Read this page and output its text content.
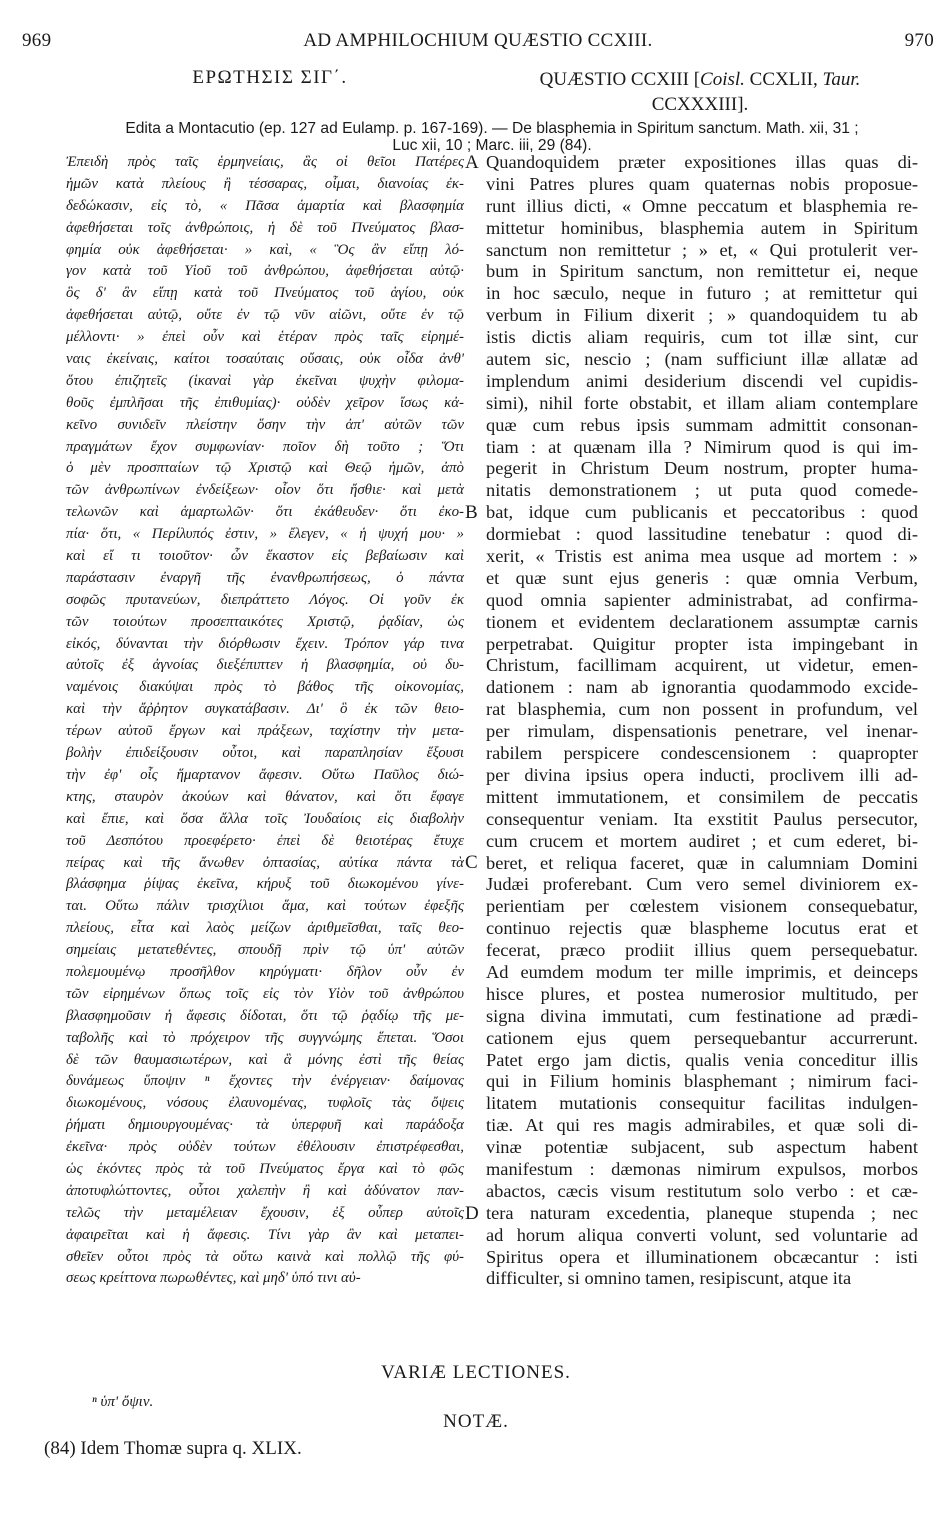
969	AD AMPHILOCHIUM QUÆSTIO CCXIII.	970
ΕΡΩΤΗΣΙΣ ΣΙΓ΄.	QUÆSTIO CCXIII [Coisl. CCXLII, Taur.
CCXXXIII].
Edita a Montacutio (ep. 127 ad Eulamp. p. 167-169). — De blasphemia in Spiritum sanctum. Math. xii, 31 ;
Luc xii, 10 ; Marc. iii, 29 (84).
Ἐπειδὴ πρὸς ταῖς ἑρμηνείαις, ἃς οἱ θεῖοι Πατέρες
ἡμῶν κατὰ πλείους ἢ τέσσαρας, οἶμαι, διανοίας ἐκ-
δεδώκασιν, εἰς τὸ, « Πᾶσα ἁμαρτία καὶ βλασφημία
ἀφεθήσεται τοῖς ἀνθρώποις, ἡ δὲ τοῦ Πνεύματος βλασ-
φημία οὐκ ἀφεθήσεται· » καὶ, « Ὃς ἂν εἴπῃ λό-
γον κατὰ τοῦ Υἱοῦ τοῦ ἀνθρώπου, ἀφεθήσεται αὐτῷ·
ὃς δ' ἂν εἴπῃ κατὰ τοῦ Πνεύματος τοῦ ἁγίου, οὐκ
ἀφεθήσεται αὐτῷ, οὔτε ἐν τῷ νῦν αἰῶνι, οὔτε ἐν τῷ
μέλλοντι· » ἐπεὶ οὖν καὶ ἑτέραν πρὸς ταῖς εἰρημέ-
ναις ἐκείναις, καίτοι τοσαύταις οὔσαις, οὐκ οἶδα ἀνθ'
ὅτου ἐπιζητεῖς (ἱκαναὶ γὰρ ἐκεῖναι ψυχὴν φιλομα-
θοῦς ἐμπλῆσαι τῆς ἐπιθυμίας)· οὐδὲν χεῖρον ἴσως κἀ-
κεῖνο συνιδεῖν πλείστην ὅσην τὴν ἀπ' αὐτῶν τῶν
πραγμάτων ἔχον συμφωνίαν· ποῖον δὴ τοῦτο ; Ὅτι
ὁ μὲν προσπταίων τῷ Χριστῷ καὶ Θεῷ ἡμῶν, ἀπὸ
τῶν ἀνθρωπίνων ἐνδείξεων· οἷον ὅτι ἤσθιε· καὶ μετὰ
τελωνῶν καὶ ἁμαρτωλῶν· ὅτι ἐκάθευδεν· ὅτι ἐκο-
πία· ὅτι, « Περίλυπός ἐστιν, » ἔλεγεν, « ἡ ψυχή μου· »
καὶ εἴ τι τοιοῦτον· ὧν ἕκαστον εἰς βεβαίωσιν καὶ
παράστασιν ἐναργῆ τῆς ἐνανθρωπήσεως, ὁ πάντα
σοφῶς πρυτανεύων, διεπράττετο Λόγος. Οἱ γοῦν ἐκ
τῶν τοιούτων προσεπταικότες Χριστῷ, ῥᾳδίαν, ὡς
εἰκός, δύνανται τὴν διόρθωσιν ἔχειν. Τρόπον γάρ τινα
αὐτοῖς ἐξ ἀγνοίας διεξέπιπτεν ἡ βλασφημία, οὐ δυ-
ναμένοις διακύψαι πρὸς τὸ βάθος τῆς οἰκονομίας,
καὶ τὴν ἄῤῥητον συγκατάβασιν. Δι' ὃ ἐκ τῶν θειο-
τέρων αὐτοῦ ἔργων καὶ πράξεων, ταχίστην τὴν μετα-
βολὴν ἐπιδείξουσιν οὗτοι, καὶ παραπλησίαν ἕξουσι
τὴν ἐφ' οἷς ἥμαρτανον ἄφεσιν. Οὕτω Παῦλος διώ-
κτης, σταυρὸν ἀκούων καὶ θάνατον, καὶ ὅτι ἔφαγε
καὶ ἔπιε, καὶ ὅσα ἄλλα τοῖς Ἰουδαίοις εἰς διαβολὴν
τοῦ Δεσπότου προεφέρετο· ἐπεὶ δὲ θειοτέρας ἔτυχε
πείρας καὶ τῆς ἄνωθεν ὀπτασίας, αὐτίκα πάντα τὰ
βλάσφημα ῥίψας ἐκεῖνα, κήρυξ τοῦ διωκομένου γίνε-
ται. Οὕτω πάλιν τρισχίλιοι ἅμα, καὶ τούτων ἐφεξῆς
πλείους, εἶτα καὶ λαὸς μείζων ἀριθμεῖσθαι, ταῖς θεο-
σημείαις μετατεθέντες, σπουδῇ πρὶν τῷ ὑπ' αὐτῶν
πολεμουμένῳ προσῆλθον κηρύγματι· δῆλον οὖν ἐν
τῶν εἰρημένων ὅπως τοῖς εἰς τὸν Υἱὸν τοῦ ἀνθρώπου
βλασφημοῦσιν ἡ ἄφεσις δίδοται, ὅτι τῷ ῥᾳδίῳ τῆς με-
ταβολῆς καὶ τὸ πρόχειρον τῆς συγγνώμης ἕπεται. Ὅσοι
δὲ τῶν θαυμασιωτέρων, καὶ ἃ μόνης ἐστὶ τῆς θείας
δυνάμεως ὕποψιν ⁿ ἔχοντες τὴν ἐνέργειαν· δαίμονας
διωκομένους, νόσους ἐλαυνομένας, τυφλοῖς τὰς ὄψεις
ῥήματι δημιουργουμένας· τὰ ὑπερφυῆ καὶ παράδοξα
ἐκεῖνα· πρὸς οὐδὲν τούτων ἐθέλουσιν ἐπιστρέφεσθαι,
ὡς ἑκόντες πρὸς τὰ τοῦ Πνεύματος ἔργα καὶ τὸ φῶς
ἀποτυφλώττοντες, οὗτοι χαλεπὴν ἢ καὶ ἀδύνατον παν-
τελῶς τὴν μεταμέλειαν ἔχουσιν, ἐξ οὗπερ αὐτοῖς
ἀφαιρεῖται καὶ ἡ ἄφεσις. Τίνι γὰρ ἂν καὶ μεταπει-
σθεῖεν οὗτοι πρὸς τὰ οὕτω καινὰ καὶ πολλῷ τῆς φύ-
σεως κρείττονα πωρωθέντες, καὶ μηδ' ὑπό τινι αὐ-
Quandoquidem præter expositiones illas quas di-
vini Patres plures quam quaternas nobis proposue-
runt illius dicti, « Omne peccatum et blasphemia re-
mittetur hominibus, blasphemia autem in Spiritum
sanctum non remittetur ; » et, « Qui protulerit ver-
bum in Spiritum sanctum, non remittetur ei, neque
in hoc sæculo, neque in futuro ; at remittetur qui
verbum in Filium dixerit ; » quandoquidem tu ab
istis dictis aliam requiris, cum tot illæ sint, cur
autem sic, nescio ; (nam sufficiunt illæ allatæ ad
implendum animi desiderium discendi vel cupidis-
simi), nihil forte obstabit, et illam aliam contemplare
quæ cum rebus ipsis summam admittit consonan-
tiam : at quænam illa ? Nimirum quod is qui im-
pegerit in Christum Deum nostrum, propter huma-
nitatis demonstrationem ; ut puta quod comede-
bat, idque cum publicanis et peccatoribus : quod
dormiebat : quod lassitudine tenebatur : quod di-
xerit, « Tristis est anima mea usque ad mortem : »
et quæ sunt ejus generis : quæ omnia Verbum,
quod omnia sapienter administrabat, ad confirma-
tionem et evidentem declarationem assumptæ carnis
perpetrabat. Quigitur propter ista impingebant in
Christum, facillimam acquirent, ut videtur, emen-
dationem : nam ab ignorantia quodammodo excide-
rat blasphemia, cum non possent in profundum, vel
per rimulam, dispensationis penetrare, vel inenar-
rabilem perspicere condescensionem : quapropter
per divina ipsius opera inducti, proclivem illi ad-
mittent immutationem, et consimilem de peccatis
consequentur veniam. Ita exstitit Paulus persecutor,
cum crucem et mortem audiret ; et cum ederet, bi-
beret, et reliqua faceret, quæ in calumniam Domini
Judæi proferebant. Cum vero semel diviniorem ex-
perientiam per cœlestem visionem consequebatur,
continuo rejectis quæ blaspheme locutus erat et
fecerat, præco prodiit illius quem persequebatur.
Ad eumdem modum ter mille imprimis, et deinceps
hisce plures, et postea numerosior multitudo, per
signa divina immutati, cum festinatione ad prædi-
cationem ejus quem persequebantur accurrerunt.
Patet ergo jam dictis, qualis venia conceditur illis
qui in Filium hominis blasphemant ; nimirum faci-
litatem mutationis consequitur facilitas indulgen-
tiæ. At qui res magis admirabiles, et quæ soli di-
vinæ potentiæ subjacent, sub aspectum habent
manifestum : dæmonas nimirum expulsos, morbos
abactos, cæcis visum restitutum solo verbo : et cæ-
tera naturam excedentia, planeque stupenda ; nec
ad horum aliqua converti volunt, sed voluntarie ad
Spiritus opera et illuminationem obcæcantur : isti
difficulter, si omnino tamen, resipiscunt, atque ita
A
B
C
D
VARIÆ LECTIONES.
ⁿ ὑπ' ὄψιν.
NOTÆ.
(84) Idem Thomæ supra q. XLIX.
